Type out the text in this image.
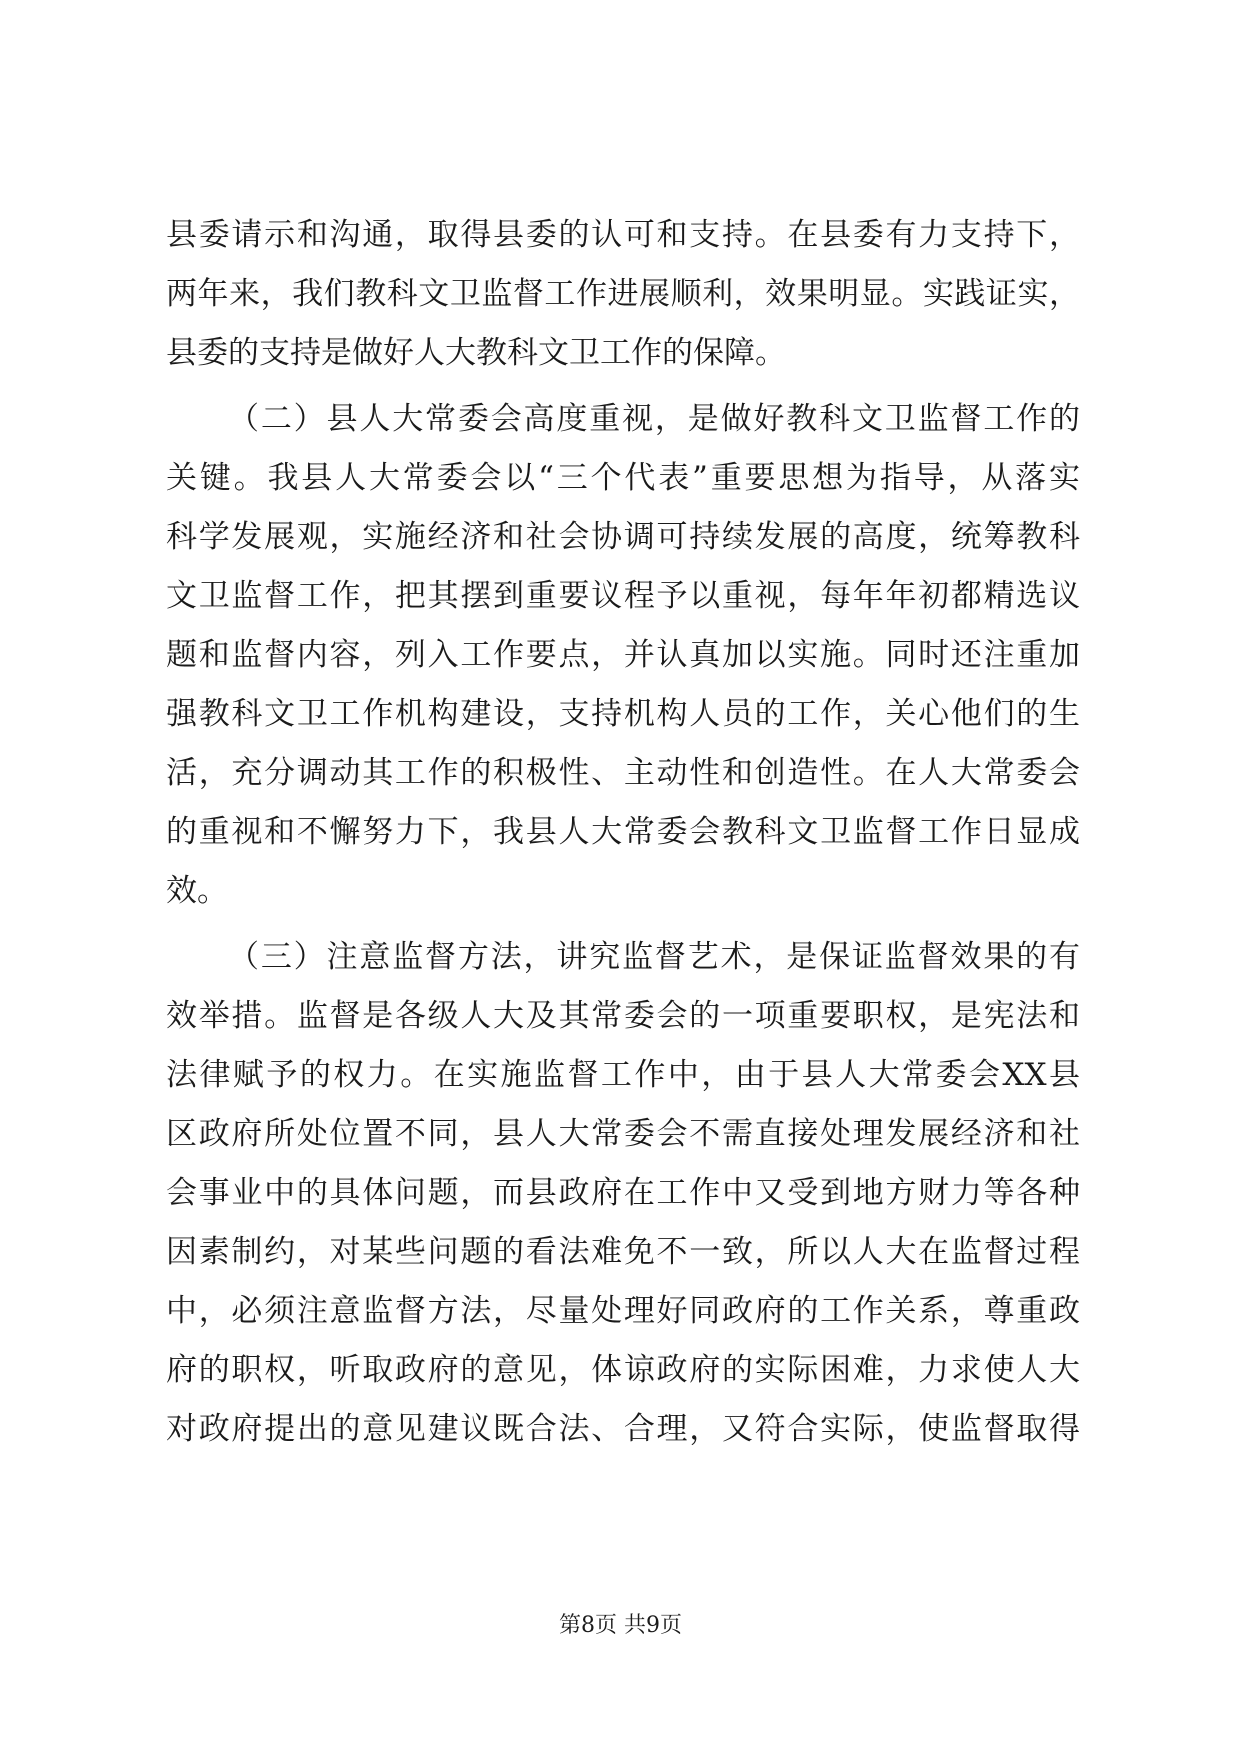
县委请示和沟通，取得县委的认可和支持。在县委有力支持下，
两年来，我们教科文卫监督工作进展顺利，效果明显。实践证实，
县委的支持是做好人大教科文卫工作的保障。
（二）县人大常委会高度重视，是做好教科文卫监督工作的
关键。我县人大常委会以“三个代表”重要思想为指导，从落实
科学发展观，实施经济和社会协调可持续发展的高度，统筹教科
文卫监督工作，把其摆到重要议程予以重视，每年年初都精选议
题和监督内容，列入工作要点，并认真加以实施。同时还注重加
强教科文卫工作机构建设，支持机构人员的工作，关心他们的生
活，充分调动其工作的积极性、主动性和创造性。在人大常委会
的重视和不懈努力下，我县人大常委会教科文卫监督工作日显成
效。
（三）注意监督方法，讲究监督艺术，是保证监督效果的有
效举措。监督是各级人大及其常委会的一项重要职权，是宪法和
法律赋予的权力。在实施监督工作中，由于县人大常委会XX县
区政府所处位置不同，县人大常委会不需直接处理发展经济和社
会事业中的具体问题，而县政府在工作中又受到地方财力等各种
因素制约，对某些问题的看法难免不一致，所以人大在监督过程
中，必须注意监督方法，尽量处理好同政府的工作关系，尊重政
府的职权，听取政府的意见，体谅政府的实际困难，力求使人大
对政府提出的意见建议既合法、合理，又符合实际，使监督取得
第8页 共9页
